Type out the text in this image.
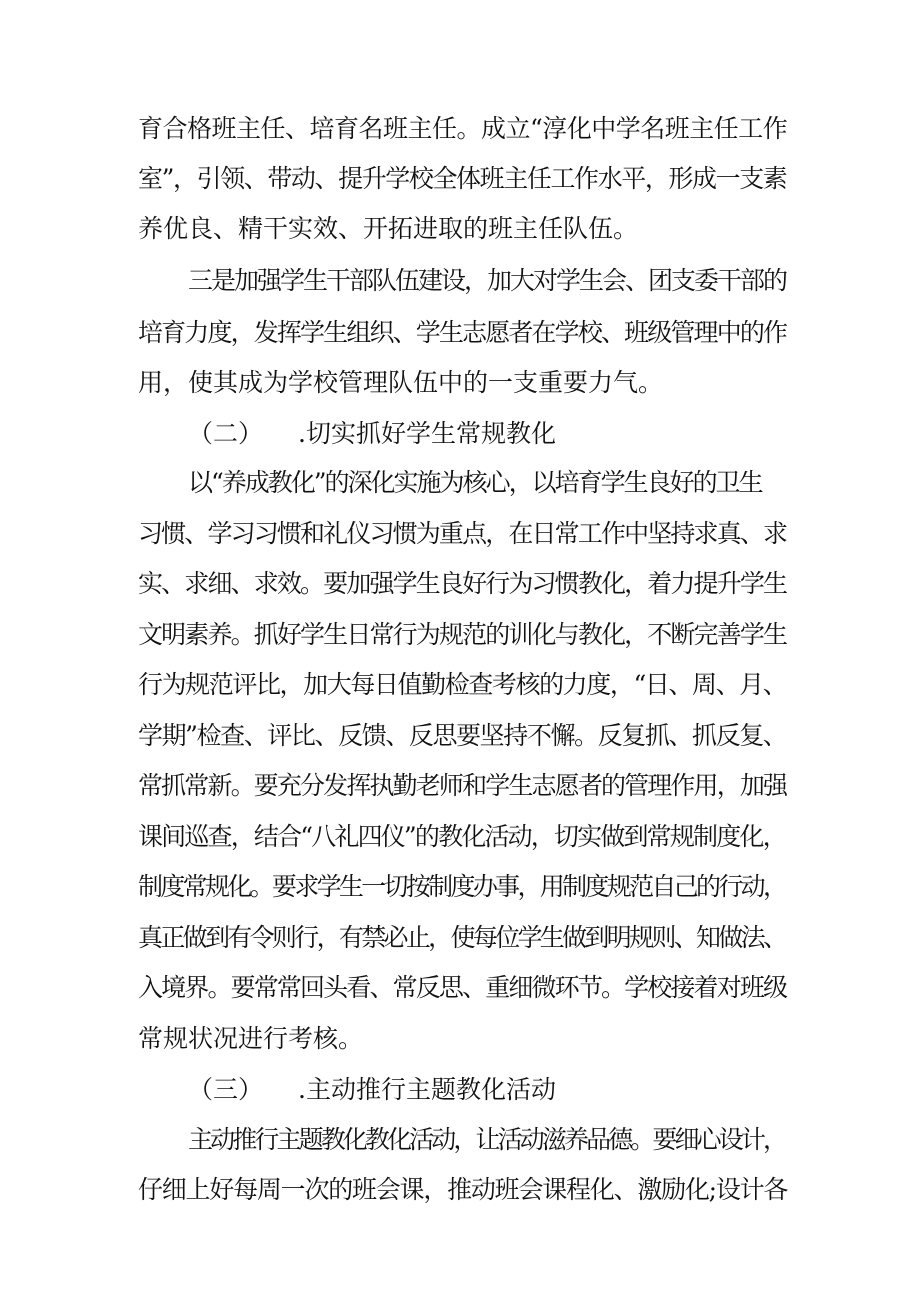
育合格班主任、培育名班主任。成立“淳化中学名班主任工作
室”，引领、带动、提升学校全体班主任工作水平，形成一支素
养优良、精干实效、开拓进取的班主任队伍。
三是加强学生干部队伍建设，加大对学生会、团支委干部的
培育力度，发挥学生组织、学生志愿者在学校、班级管理中的作
用，使其成为学校管理队伍中的一支重要力气。
（二） .切实抓好学生常规教化
以“养成教化”的深化实施为核心，以培育学生良好的卫生
习惯、学习习惯和礼仪习惯为重点，在日常工作中坚持求真、求
实、求细、求效。要加强学生良好行为习惯教化，着力提升学生
文明素养。抓好学生日常行为规范的训化与教化，不断完善学生
行为规范评比，加大每日值勤检查考核的力度，“日、周、月、
学期”检查、评比、反馈、反思要坚持不懈。反复抓、抓反复、
常抓常新。要充分发挥执勤老师和学生志愿者的管理作用，加强
课间巡查，结合“八礼四仪”的教化活动，切实做到常规制度化，
制度常规化。要求学生一切按制度办事，用制度规范自己的行动，
真正做到有令则行，有禁必止，使每位学生做到明规则、知做法、
入境界。要常常回头看、常反思、重细微环节。学校接着对班级
常规状况进行考核。
（三） .主动推行主题教化活动
主动推行主题教化教化活动，让活动滋养品德。要细心设计，
仔细上好每周一次的班会课，推动班会课程化、激励化;设计各
